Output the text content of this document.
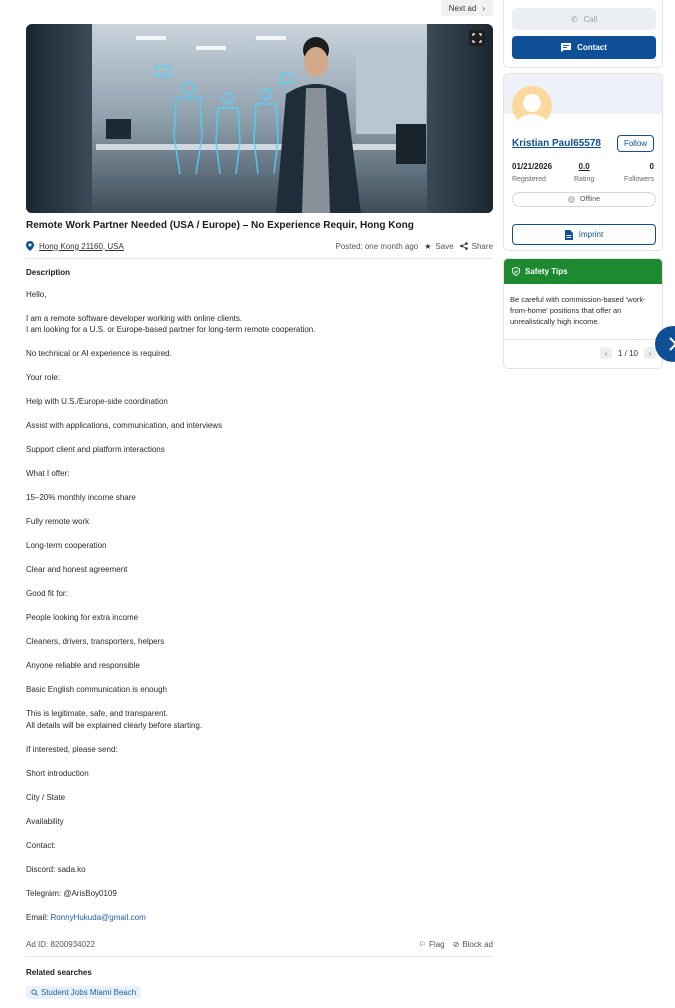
Next ad ›
Remote Work Partner Needed (USA / Europe) – No Experience Requir, Hong Kong
Hong Kong 21160, USA	Posted: one month ago ★ Save Share
Description
Hello,
I am a remote software developer working with online clients.
I am looking for a U.S. or Europe-based partner for long-term remote cooperation.
No technical or AI experience is required.
Your role:
Help with U.S./Europe-side coordination
Assist with applications, communication, and interviews
Support client and platform interactions
What I offer:
15–20% monthly income share
Fully remote work
Long-term cooperation
Clear and honest agreement
Good fit for:
People looking for extra income
Cleaners, drivers, transporters, helpers
Anyone reliable and responsible
Basic English communication is enough
This is legitimate, safe, and transparent.
All details will be explained clearly before starting.
If interested, please send:
Short introduction
City / State
Availability
Contact:
Discord: sada.ko
Telegram: @ArisBoy0109
Email: RonnyHukuda@gmail.com
Ad ID: 8200934022	⚐ Flag ⊘ Block ad
Related searches
Student Jobs Miami Beach
✆ Call
Contact
Kristian Paul65578	Follow
01/21/2026
Registered
0.0
Rating
0
Followers
Offline
Imprint
Safety Tips
Be careful with commission-based 'work-from-home' positions that offer an unrealistically high income.
‹	1 / 10	›
